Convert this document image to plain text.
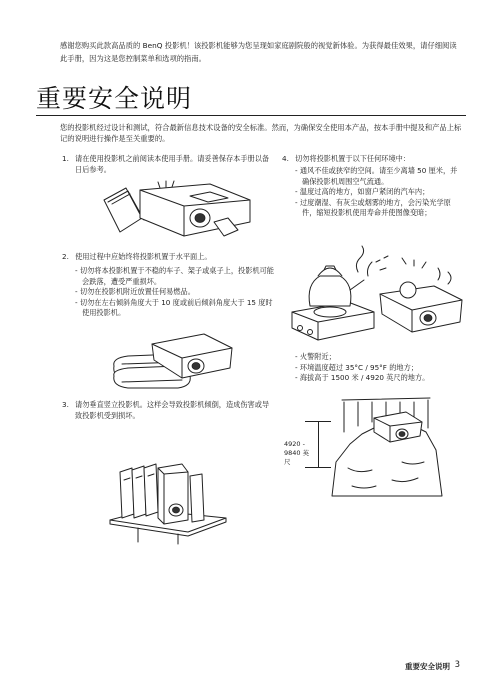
感谢您购买此款高品质的 BenQ 投影机！该投影机能够为您呈现如家庭剧院般的视觉新体验。为获得最佳效果，请仔细阅读此手册，因为这是您控制菜单和选项的指南。
重要安全说明
您的投影机经过设计和测试，符合最新信息技术设备的安全标准。然而，为确保安全使用本产品，按本手册中提及和产品上标记的说明进行操作是至关重要的。
1. 请在使用投影机之前阅读本使用手册。请妥善保存本手册以备日后参考。
2. 使用过程中应始终将投影机置于水平面上。
- 切勿将本投影机置于不稳的车子、架子或桌子上，投影机可能会跌落，遭受严重损坏。
- 切勿在投影机附近放置任何易燃品。
- 切勿在左右倾斜角度大于 10 度或前后倾斜角度大于 15 度时使用投影机。
3. 请勿垂直竖立投影机。这样会导致投影机倾倒，造成伤害或导致投影机受到损坏。
4. 切勿将投影机置于以下任何环境中：
- 通风不佳或狭窄的空间。请至少离墙 50 厘米，并确保投影机周围空气流通。
- 温度过高的地方，如窗户紧闭的汽车内；
- 过度潮湿、有灰尘或烟雾的地方，会污染光学原件，缩短投影机使用寿命并使图像变暗；
- 火警附近；
- 环境温度超过 35°C / 95°F 的地方；
- 海拔高于 1500 米 / 4920 英尺的地方。
4920 - 9840 英尺
重要安全说明 3
